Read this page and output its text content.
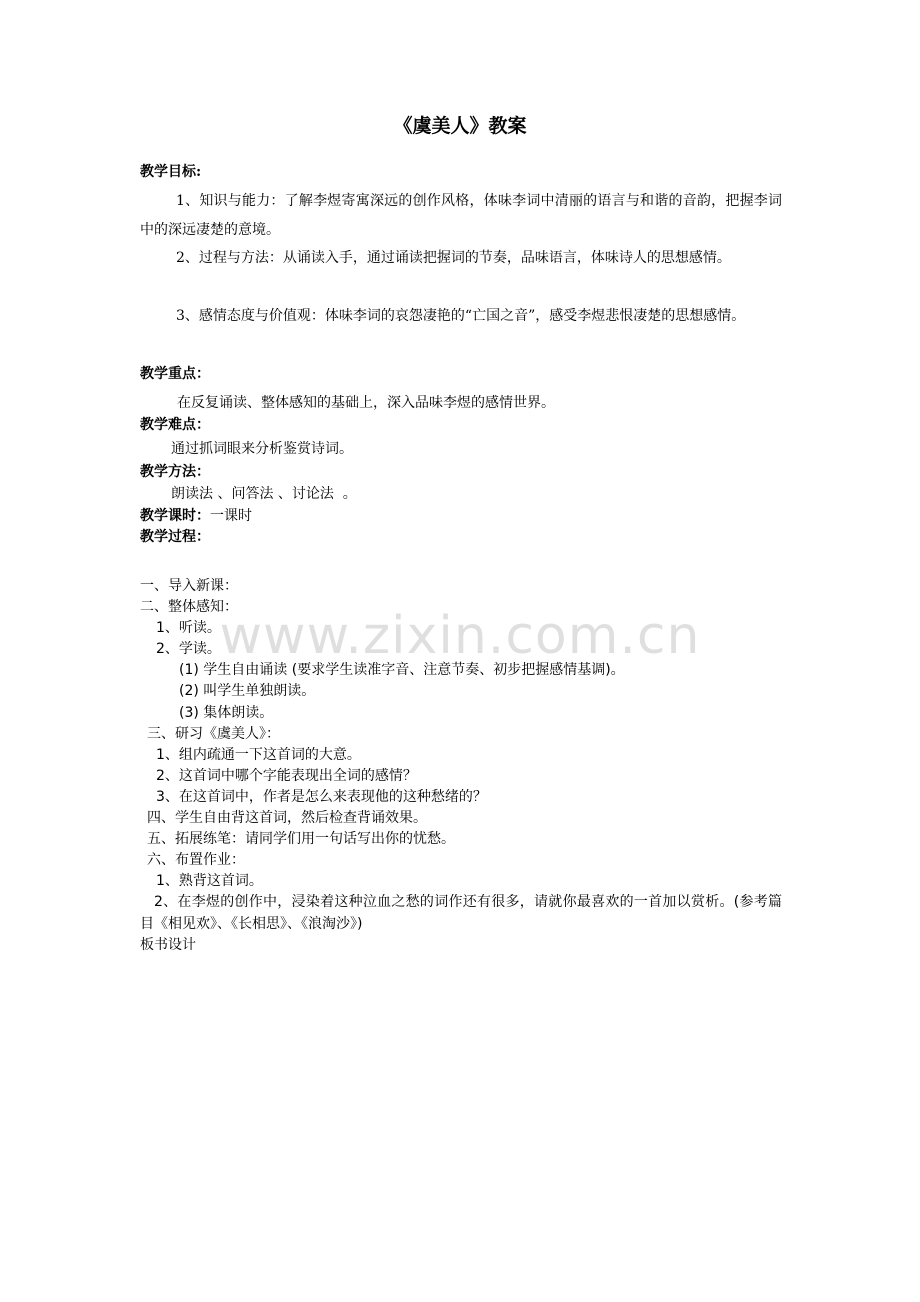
《虞美人》教案
教学目标:
1、知识与能力：了解李煜寄寓深远的创作风格，体味李词中清丽的语言与和谐的音韵，把握李词中的深远凄楚的意境。
2、过程与方法：从诵读入手，通过诵读把握词的节奏，品味语言，体味诗人的思想感情。
3、感情态度与价值观：体味李词的哀怨凄艳的“亡国之音”，感受李煜悲恨凄楚的思想感情。
教学重点：
在反复诵读、整体感知的基础上，深入品味李煜的感情世界。
教学难点：
通过抓词眼来分析鉴赏诗词。
教学方法：
朗读法 、问答法 、讨论法  。
教学课时：一课时
教学过程：
一、导入新课：
二、整体感知：
1、听读。
2、学读。
(1) 学生自由诵读 (要求学生读准字音、注意节奏、初步把握感情基调)。
(2) 叫学生单独朗读。
(3) 集体朗读。
三、研习《虞美人》：
1、组内疏通一下这首词的大意。
2、这首词中哪个字能表现出全词的感情？
3、在这首词中，作者是怎么来表现他的这种愁绪的？
四、学生自由背这首词，然后检查背诵效果。
五、拓展练笔：请同学们用一句话写出你的忧愁。
六、布置作业：
1、熟背这首词。
2、在李煜的创作中，浸染着这种泣血之愁的词作还有很多，请就你最喜欢的一首加以赏析。(参考篇目《相见欢》、《长相思》、《浪淘沙》)
板书设计
www.zixin.com.cn
